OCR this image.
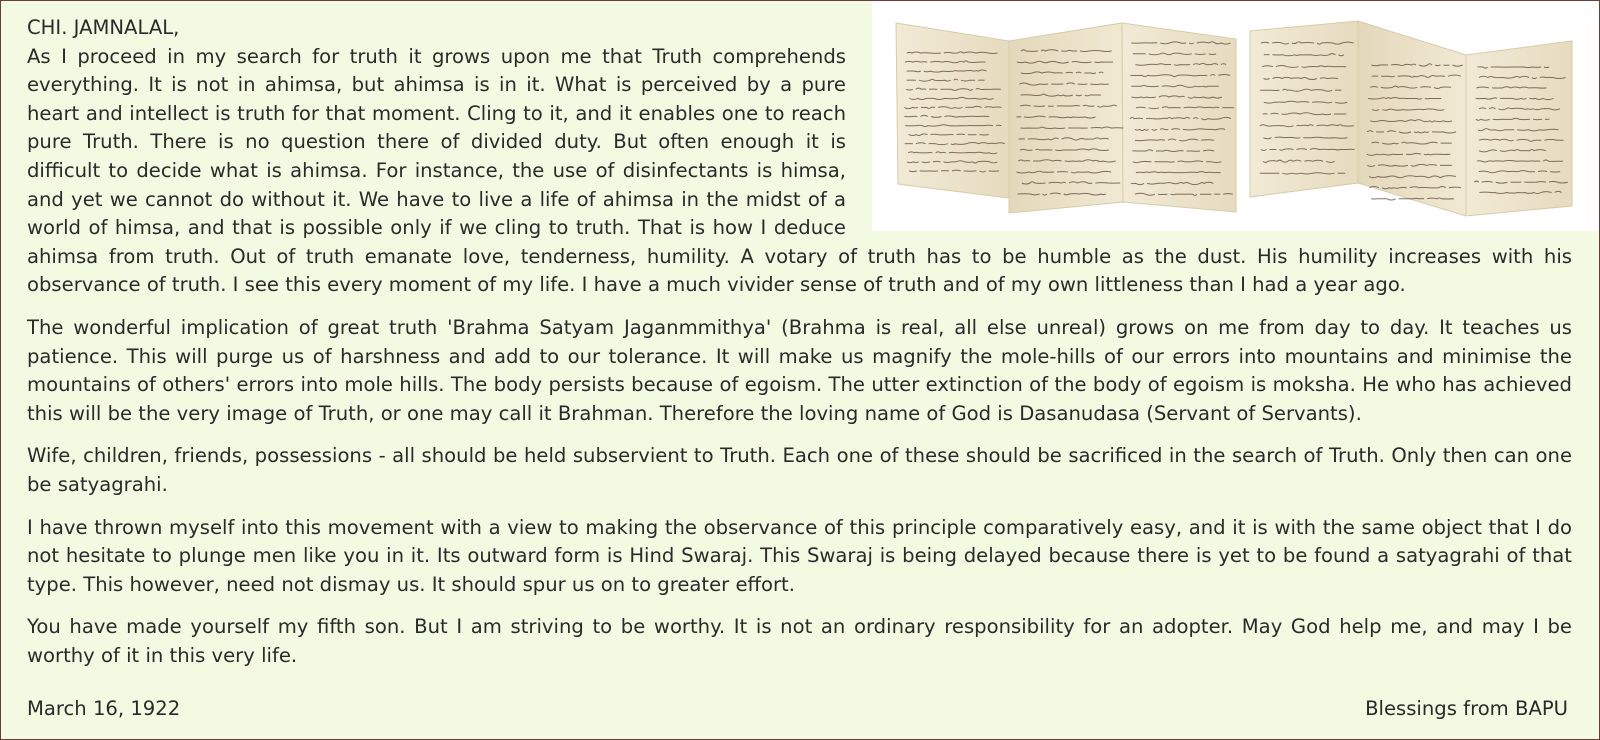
CHI. JAMNALAL,

As I proceed in my search for truth it grows upon me that Truth comprehends everything. It is not in ahimsa, but ahimsa is in it. What is perceived by a pure heart and intellect is truth for that moment. Cling to it, and it enables one to reach pure Truth. There is no question there of divided duty. But often enough it is difficult to decide what is ahimsa. For instance, the use of disinfectants is himsa, and yet we cannot do without it. We have to live a life of ahimsa in the midst of a world of himsa, and that is possible only if we cling to truth. That is how I deduce ahimsa from truth. Out of truth emanate love, tenderness, humility. A votary of truth has to be humble as the dust. His humility increases with his observance of truth. I see this every moment of my life. I have a much vivider sense of truth and of my own littleness than I had a year ago.

The wonderful implication of great truth 'Brahma Satyam Jaganmmithya' (Brahma is real, all else unreal) grows on me from day to day. It teaches us patience. This will purge us of harshness and add to our tolerance. It will make us magnify the mole-hills of our errors into mountains and minimise the mountains of others' errors into mole hills. The body persists because of egoism. The utter extinction of the body of egoism is moksha. He who has achieved this will be the very image of Truth, or one may call it Brahman. Therefore the loving name of God is Dasanudasa (Servant of Servants).

Wife, children, friends, possessions - all should be held subservient to Truth. Each one of these should be sacrificed in the search of Truth. Only then can one be satyagrahi.

I have thrown myself into this movement with a view to making the observance of this principle comparatively easy, and it is with the same object that I do not hesitate to plunge men like you in it. Its outward form is Hind Swaraj. This Swaraj is being delayed because there is yet to be found a satyagrahi of that type. This however, need not dismay us. It should spur us on to greater effort.

You have made yourself my fifth son. But I am striving to be worthy. It is not an ordinary responsibility for an adopter. May God help me, and may I be worthy of it in this very life.

March 16, 1922	Blessings from BAPU
